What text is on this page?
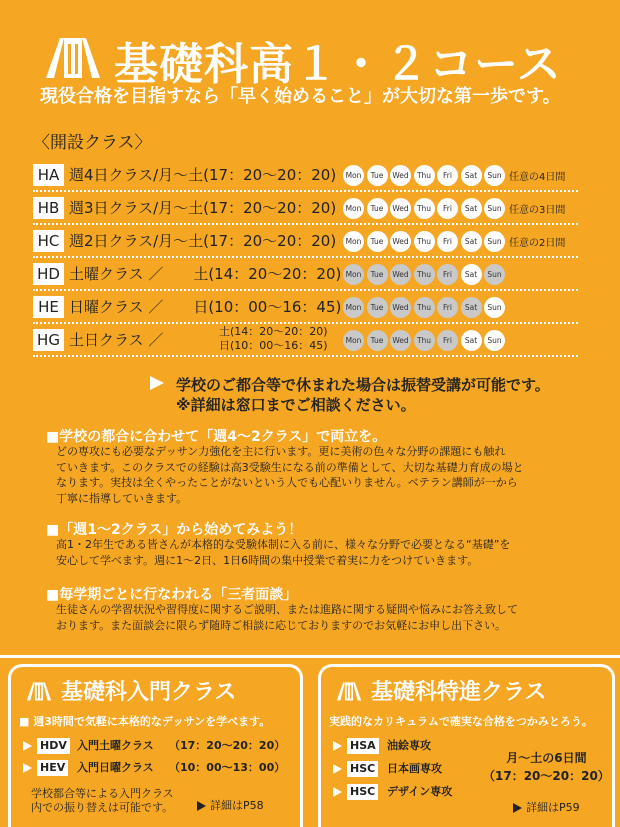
基礎科高１・２コース
現役合格を目指すなら「早く始めること」が大切な第一歩です。
〈開設クラス〉
HA 週4日クラス/月〜土(17：20〜20：20)	Mon	Tue	Wed	Thu	Fri	Sat	Sun 任意の4日間
HB 週3日クラス/月〜土(17：20〜20：20)	Mon	Tue	Wed	Thu	Fri	Sat	Sun 任意の3日間
HC 週2日クラス/月〜土(17：20〜20：20)	Mon	Tue	Wed	Thu	Fri	Sat	Sun 任意の2日間
HD 土曜クラス ／　　土(14：20〜20：20) Mon	Tue	Wed	Thu	Fri	Sat	Sun
HE 日曜クラス ／　　日(10：00〜16：45) Mon	Tue	Wed	Thu	Fri	Sat	Sun
HG 土日クラス ／	土(14：20〜20：20)
日(10：00〜16：45)	Mon	Tue	Wed	Thu	Fri	Sat	Sun
学校のご都合等で休まれた場合は振替受講が可能です。
※詳細は窓口までご相談ください。
■学校の都合に合わせて「週4〜2クラス」で両立を。

どの専攻にも必要なデッサン力強化を主に行います。更に美術の色々な分野の課題にも触れ
ていきます。このクラスでの経験は高3受験生になる前の準備として、大切な基礎力育成の場と
なります。実技は全くやったことがないという人でも心配いりません。ベテラン講師が一から
丁寧に指導していきます。

■「週1〜2クラス」から始めてみよう！

高1・2年生である皆さんが本格的な受験体制に入る前に、様々な分野で必要となる“基礎”を
安心して学べます。週に1〜2日、1日6時間の集中授業で着実に力をつけていきます。

■毎学期ごとに行なわれる「三者面談」

生徒さんの学習状況や習得度に関するご説明、または進路に関する疑問や悩みにお答え致して
おります。また面談会に限らず随時ご相談に応じておりますのでお気軽にお申し出下さい。

基礎科入門クラス
■ 週3時間で気軽に本格的なデッサンを学べます。
HDV 入門土曜クラス （17：20〜20：20）
HEV 入門日曜クラス （10：00〜13：00）
学校都合等による入門クラス
内での振り替えは可能です。	詳細はP58
基礎科特進クラス
実践的なカリキュラムで確実な合格をつかみとろう。
HSA 油絵専攻
HSC 日本画専攻
HSC デザイン専攻
月〜土の6日間
（17：20〜20：20）
詳細はP59
